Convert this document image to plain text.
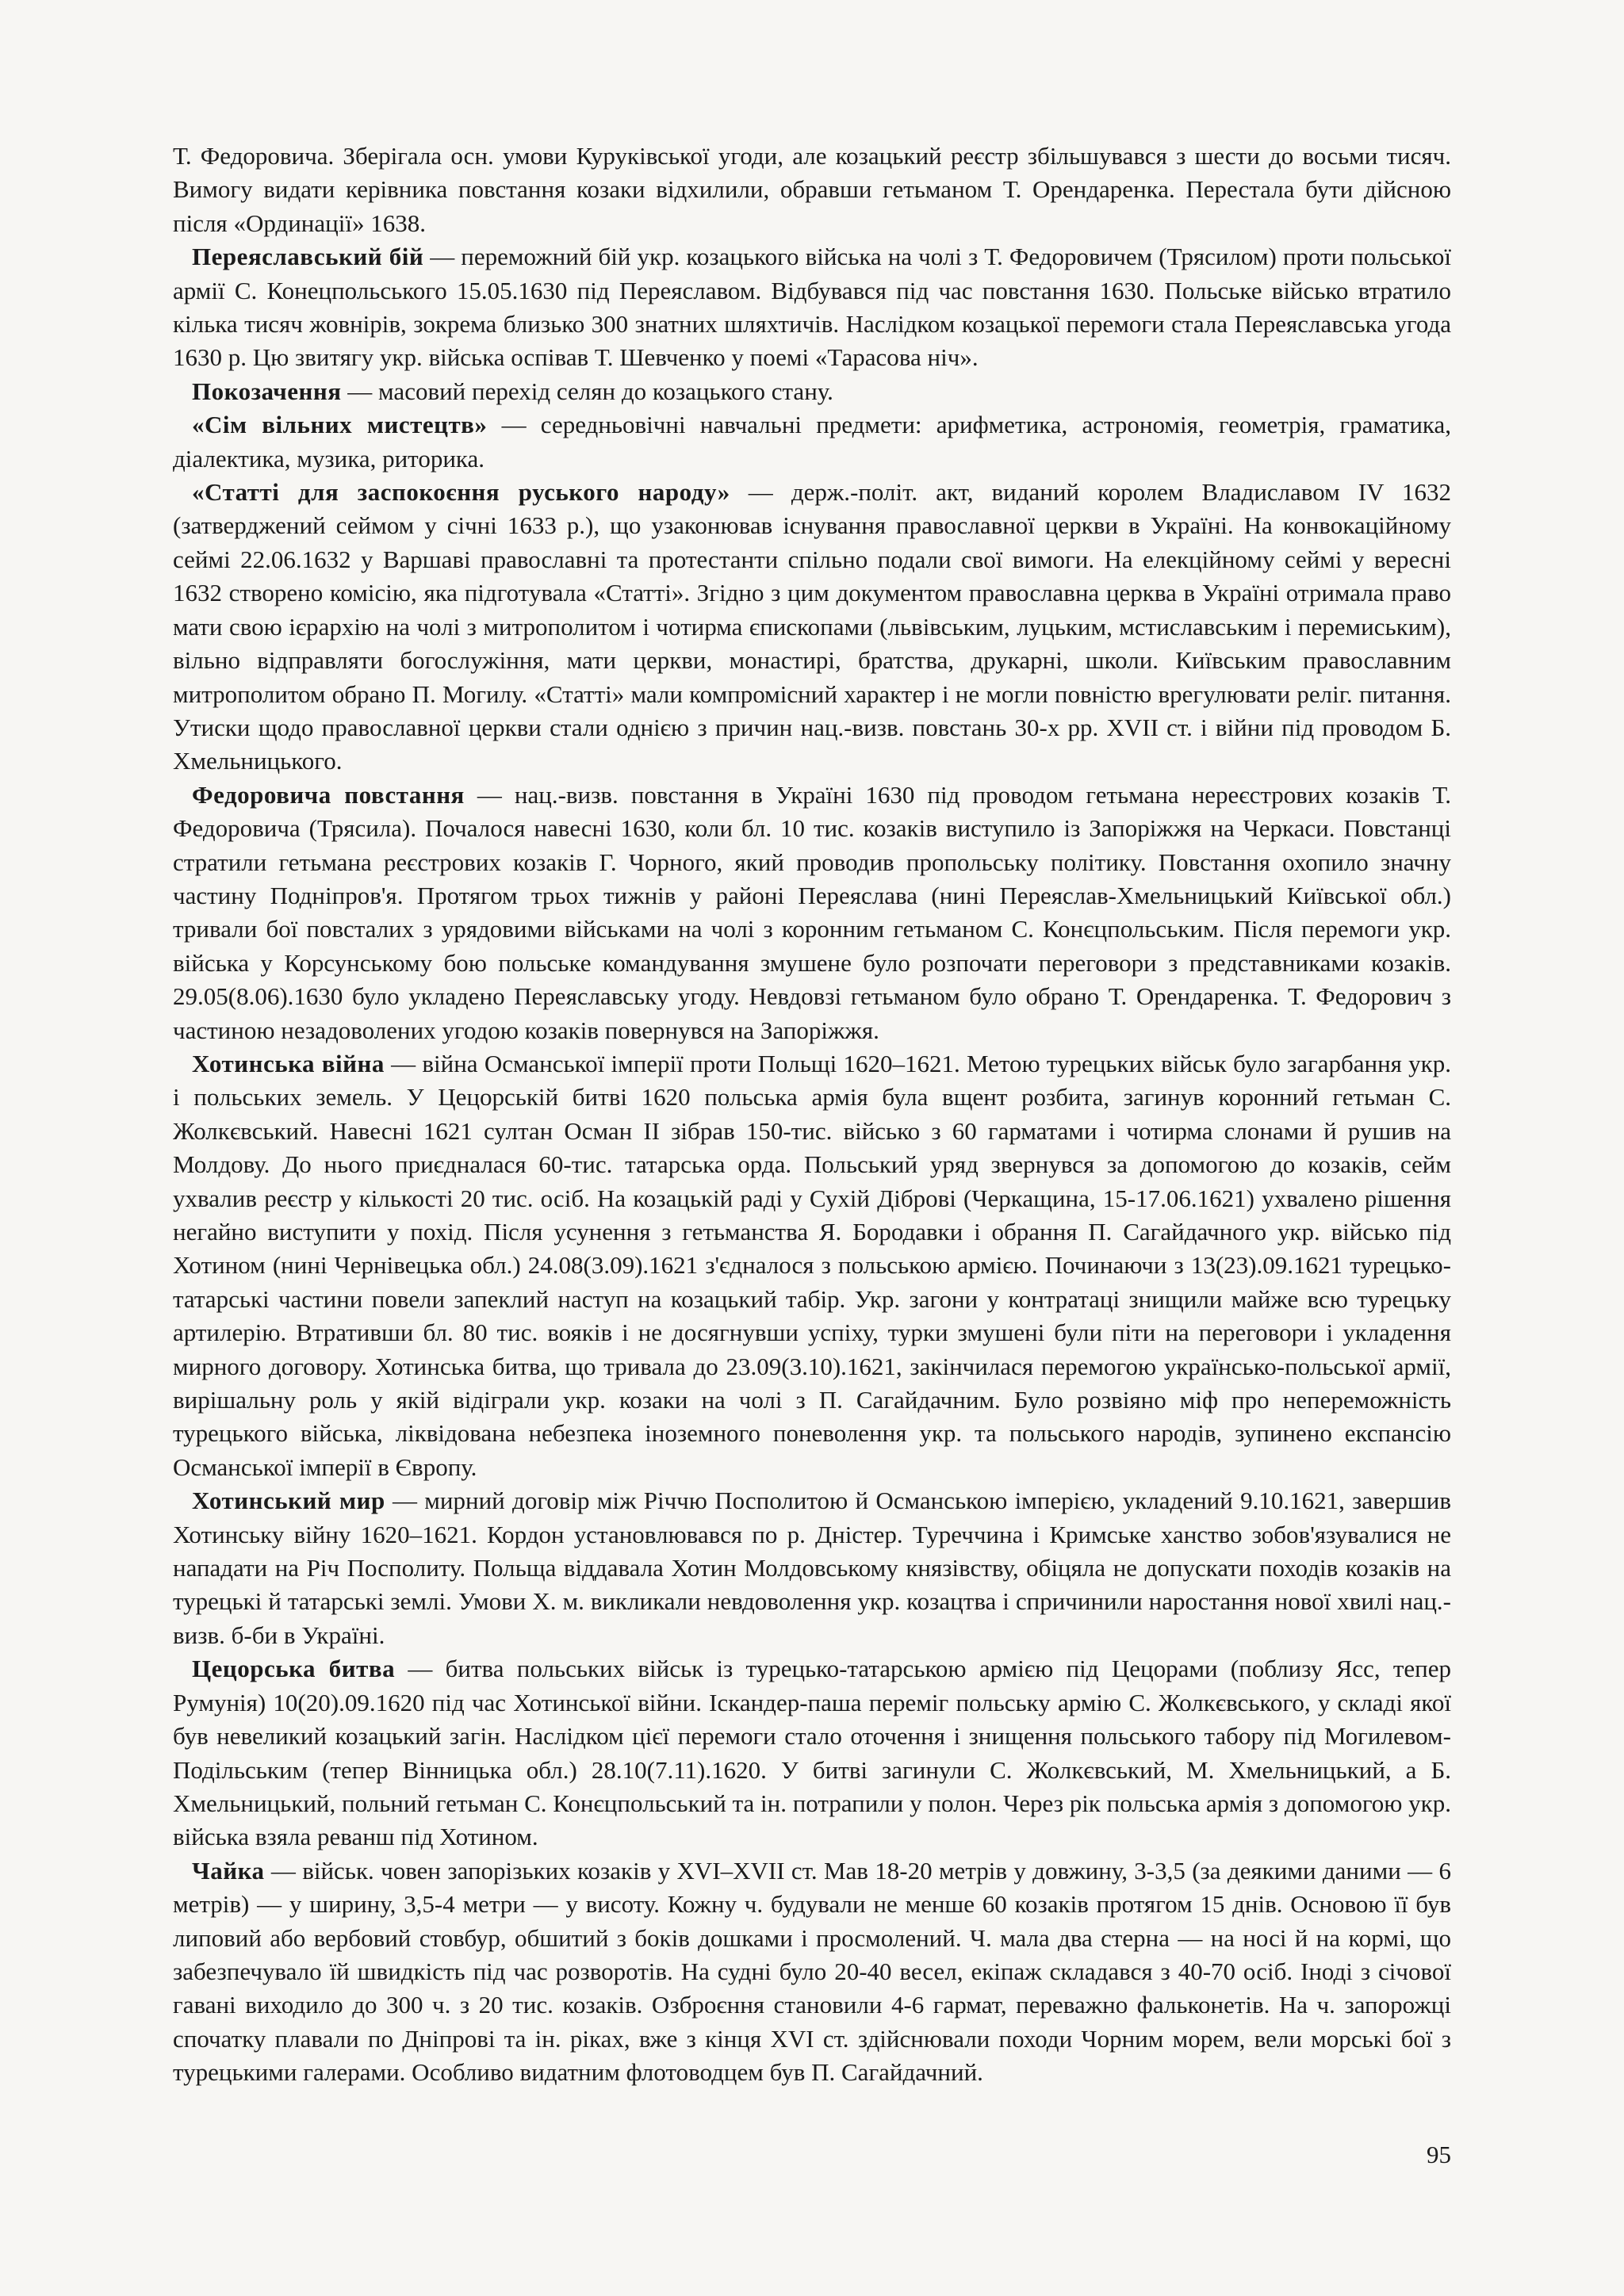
Т. Федоровича. Зберігала осн. умови Куруківської угоди, але козацький реєстр збільшувався з шести до восьми тисяч. Вимогу видати керівника повстання козаки відхилили, обравши гетьманом Т. Орендаренка. Перестала бути дійсною після «Ординації» 1638.

Переяславський бій — переможний бій укр. козацького війська на чолі з Т. Федоровичем (Трясилом) проти польської армії С. Конецпольського 15.05.1630 під Переяславом. Відбувався під час повстання 1630. Польське військо втратило кілька тисяч жовнірів, зокрема близько 300 знатних шляхтичів. Наслідком козацької перемоги стала Переяславська угода 1630 р. Цю звитягу укр. війська оспівав Т. Шевченко у поемі «Тарасова ніч».

Покозачення — масовий перехід селян до козацького стану.

«Сім вільних мистецтв» — середньовічні навчальні предмети: арифметика, астрономія, геометрія, граматика, діалектика, музика, риторика.

«Статті для заспокоєння руського народу» — держ.-політ. акт, виданий королем Владиславом IV 1632 (затверджений сеймом у січні 1633 р.), що узаконював існування православної церкви в Україні. На конвокаційному сеймі 22.06.1632 у Варшаві православні та протестанти спільно подали свої вимоги. На елекційному сеймі у вересні 1632 створено комісію, яка підготувала «Статті». Згідно з цим документом православна церква в Україні отримала право мати свою ієрархію на чолі з митрополитом і чотирма єпископами (львівським, луцьким, мстиславським і перемиським), вільно відправляти богослужіння, мати церкви, монастирі, братства, друкарні, школи. Київським православним митрополитом обрано П. Могилу. «Статті» мали компромісний характер і не могли повністю врегулювати реліг. питання. Утиски щодо православної церкви стали однією з причин нац.-визв. повстань 30-х рр. XVII ст. і війни під проводом Б. Хмельницького.

Федоровича повстання — нац.-визв. повстання в Україні 1630 під проводом гетьмана нереєстрових козаків Т. Федоровича (Трясила). Почалося навесні 1630, коли бл. 10 тис. козаків виступило із Запоріжжя на Черкаси. Повстанці стратили гетьмана реєстрових козаків Г. Чорного, який проводив пропольську політику. Повстання охопило значну частину Подніпров'я. Протягом трьох тижнів у районі Переяслава (нині Переяслав-Хмельницький Київської обл.) тривали бої повсталих з урядовими військами на чолі з коронним гетьманом С. Конєцпольським. Після перемоги укр. війська у Корсунському бою польське командування змушене було розпочати переговори з представниками козаків. 29.05(8.06).1630 було укладено Переяславську угоду. Невдовзі гетьманом було обрано Т. Орендаренка. Т. Федорович з частиною незадоволених угодою козаків повернувся на Запоріжжя.

Хотинська війна — війна Османської імперії проти Польщі 1620–1621. Метою турецьких військ було загарбання укр. і польських земель. У Цецорській битві 1620 польська армія була вщент розбита, загинув коронний гетьман С. Жолкєвський. Навесні 1621 султан Осман II зібрав 150-тис. військо з 60 гарматами і чотирма слонами й рушив на Молдову. До нього приєдналася 60-тис. татарська орда. Польський уряд звернувся за допомогою до козаків, сейм ухвалив реєстр у кількості 20 тис. осіб. На козацькій раді у Сухій Діброві (Черкащина, 15-17.06.1621) ухвалено рішення негайно виступити у похід. Після усунення з гетьманства Я. Бородавки і обрання П. Сагайдачного укр. військо під Хотином (нині Чернівецька обл.) 24.08(3.09).1621 з'єдналося з польською армією. Починаючи з 13(23).09.1621 турецько-татарські частини повели запеклий наступ на козацький табір. Укр. загони у контратаці знищили майже всю турецьку артилерію. Втративши бл. 80 тис. вояків і не досягнувши успіху, турки змушені були піти на переговори і укладення мирного договору. Хотинська битва, що тривала до 23.09(3.10).1621, закінчилася перемогою українсько-польської армії, вирішальну роль у якій відіграли укр. козаки на чолі з П. Сагайдачним. Було розвіяно міф про непереможність турецького війська, ліквідована небезпека іноземного поневолення укр. та польського народів, зупинено експансію Османської імперії в Європу.

Хотинський мир — мирний договір між Річчю Посполитою й Османською імперією, укладений 9.10.1621, завершив Хотинську війну 1620–1621. Кордон установлювався по р. Дністер. Туреччина і Кримське ханство зобов'язувалися не нападати на Річ Посполиту. Польща віддавала Хотин Молдовському князівству, обіцяла не допускати походів козаків на турецькі й татарські землі. Умови Х. м. викликали невдоволення укр. козацтва і спричинили наростання нової хвилі нац.-визв. б-би в Україні.

Цецорська битва — битва польських військ із турецько-татарською армією під Цецорами (поблизу Ясс, тепер Румунія) 10(20).09.1620 під час Хотинської війни. Іскандер-паша переміг польську армію С. Жолкєвського, у складі якої був невеликий козацький загін. Наслідком цієї перемоги стало оточення і знищення польського табору під Могилевом-Подільським (тепер Вінницька обл.) 28.10(7.11).1620. У битві загинули С. Жолкєвський, М. Хмельницький, а Б. Хмельницький, польний гетьман С. Конєцпольський та ін. потрапили у полон. Через рік польська армія з допомогою укр. війська взяла реванш під Хотином.

Чайка — військ. човен запорізьких козаків у XVI–XVII ст. Мав 18-20 метрів у довжину, 3-3,5 (за деякими даними — 6 метрів) — у ширину, 3,5-4 метри — у висоту. Кожну ч. будували не менше 60 козаків протягом 15 днів. Основою її був липовий або вербовий стовбур, обшитий з боків дошками і просмолений. Ч. мала два стерна — на носі й на кормі, що забезпечувало їй швидкість під час розворотів. На судні було 20-40 весел, екіпаж складався з 40-70 осіб. Іноді з січової гавані виходило до 300 ч. з 20 тис. козаків. Озброєння становили 4-6 гармат, переважно фальконетів. На ч. запорожці спочатку плавали по Дніпрові та ін. ріках, вже з кінця XVI ст. здійснювали походи Чорним морем, вели морські бої з турецькими галерами. Особливо видатним флотоводцем був П. Сагайдачний.

95
